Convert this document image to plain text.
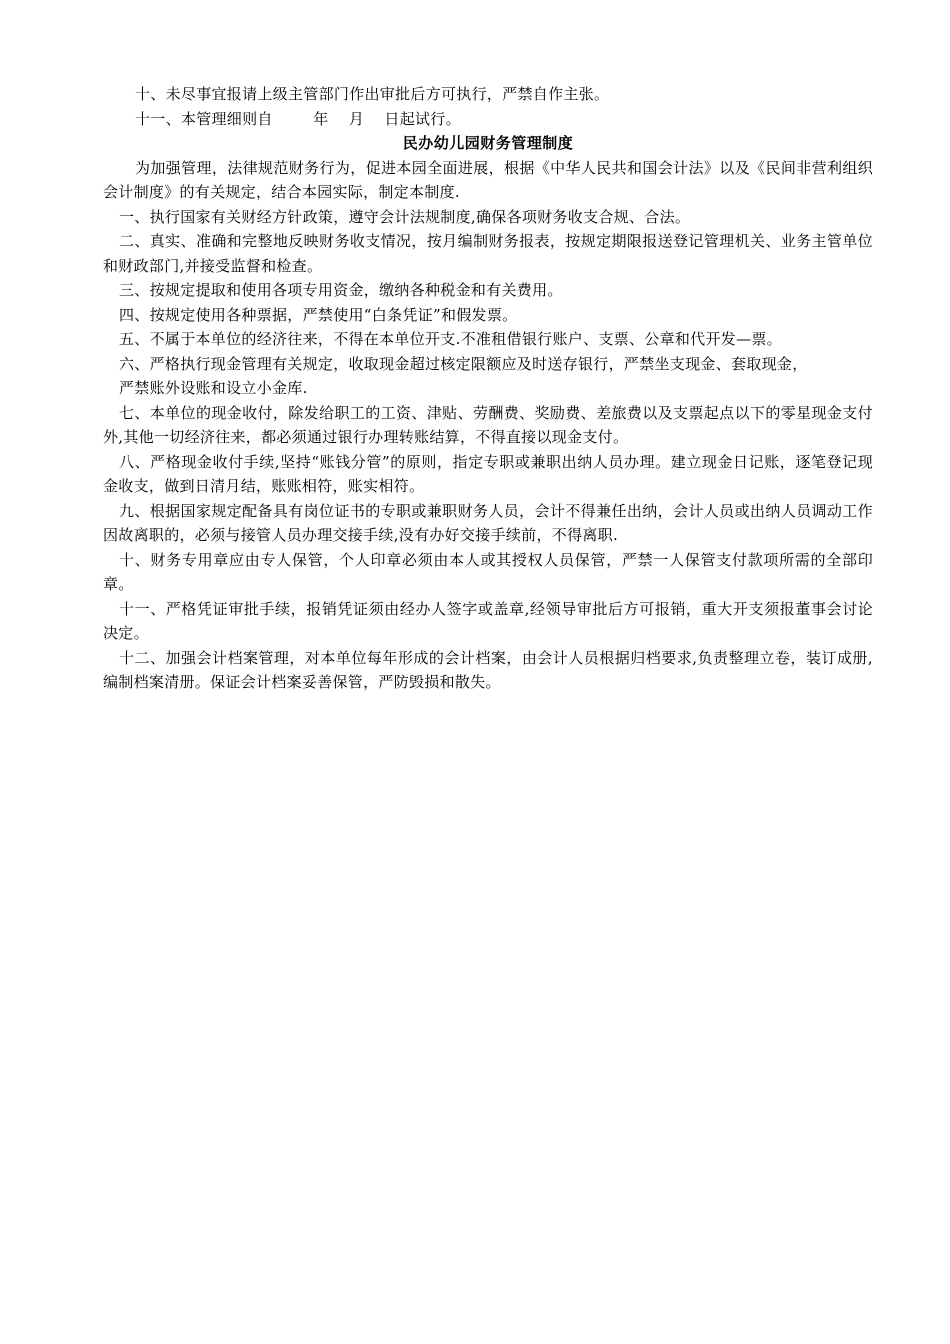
十、未尽事宜报请上级主管部门作出审批后方可执行，严禁自作主张。

十一、本管理细则自        年    月    日起试行。

民办幼儿园财务管理制度

为加强管理，法律规范财务行为，促进本园全面进展，根据《中华人民共和国会计法》以及《民间非营利组织会计制度》的有关规定，结合本园实际，制定本制度.

一、执行国家有关财经方针政策，遵守会计法规制度,确保各项财务收支合规、合法。

二、真实、准确和完整地反映财务收支情况，按月编制财务报表，按规定期限报送登记管理机关、业务主管单位和财政部门,并接受监督和检查。

三、按规定提取和使用各项专用资金，缴纳各种税金和有关费用。

四、按规定使用各种票据，严禁使用“白条凭证”和假发票。

五、不属于本单位的经济往来，不得在本单位开支.不准租借银行账户、支票、公章和代开发—票。

六、严格执行现金管理有关规定，收取现金超过核定限额应及时送存银行，严禁坐支现金、套取现金，

严禁账外设账和设立小金库.

七、本单位的现金收付，除发给职工的工资、津贴、劳酬费、奖励费、差旅费以及支票起点以下的零星现金支付外,其他一切经济往来，都必须通过银行办理转账结算，不得直接以现金支付。

八、严格现金收付手续,坚持“账钱分管”的原则，指定专职或兼职出纳人员办理。建立现金日记账，逐笔登记现金收支，做到日清月结，账账相符，账实相符。

九、根据国家规定配备具有岗位证书的专职或兼职财务人员，会计不得兼任出纳，会计人员或出纳人员调动工作因故离职的，必须与接管人员办理交接手续,没有办好交接手续前，不得离职.

十、财务专用章应由专人保管，个人印章必须由本人或其授权人员保管，严禁一人保管支付款项所需的全部印章。

十一、严格凭证审批手续，报销凭证须由经办人签字或盖章,经领导审批后方可报销，重大开支须报董事会讨论决定。

十二、加强会计档案管理，对本单位每年形成的会计档案，由会计人员根据归档要求,负责整理立卷，装订成册,编制档案清册。保证会计档案妥善保管，严防毁损和散失。
